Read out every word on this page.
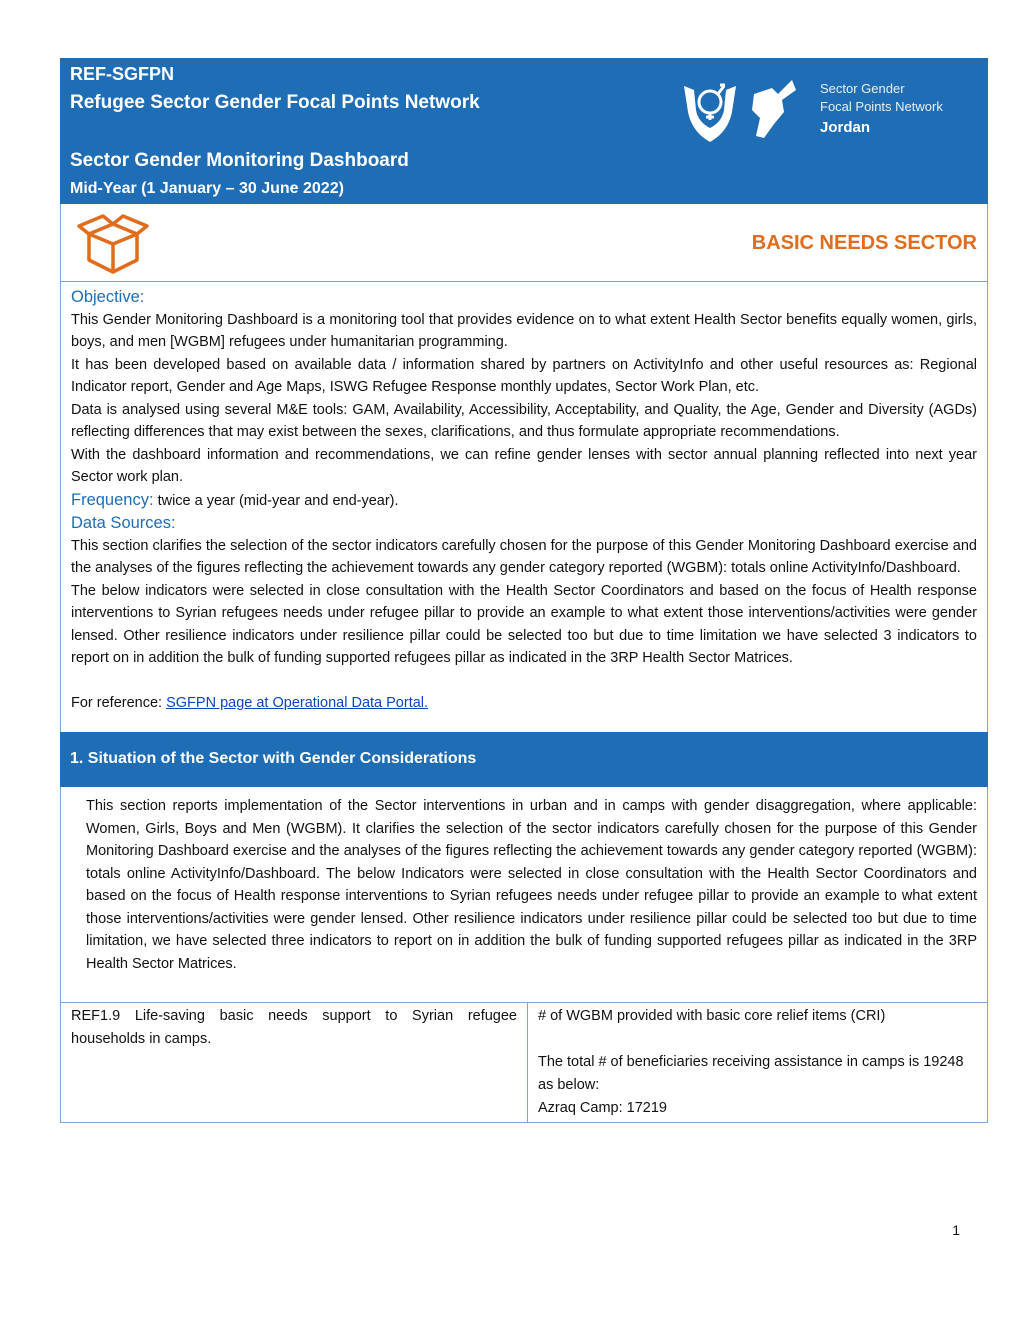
REF-SGFPN
Refugee Sector Gender Focal Points Network
Sector Gender Monitoring Dashboard
Mid-Year (1 January – 30 June 2022)
Sector Gender
Focal Points Network
Jordan
BASIC NEEDS SECTOR
Objective:

This Gender Monitoring Dashboard is a monitoring tool that provides evidence on to what extent Health Sector benefits equally women, girls, boys, and men [WGBM] refugees under humanitarian programming.

It has been developed based on available data / information shared by partners on ActivityInfo and other useful resources as: Regional Indicator report, Gender and Age Maps, ISWG Refugee Response monthly updates, Sector Work Plan, etc.

Data is analysed using several M&E tools: GAM, Availability, Accessibility, Acceptability, and Quality, the Age, Gender and Diversity (AGDs) reflecting differences that may exist between the sexes, clarifications, and thus formulate appropriate recommendations.

With the dashboard information and recommendations, we can refine gender lenses with sector annual planning reflected into next year Sector work plan.

Frequency: twice a year (mid-year and end-year).

Data Sources:

This section clarifies the selection of the sector indicators carefully chosen for the purpose of this Gender Monitoring Dashboard exercise and the analyses of the figures reflecting the achievement towards any gender category reported (WGBM): totals online ActivityInfo/Dashboard.

The below indicators were selected in close consultation with the Health Sector Coordinators and based on the focus of Health response interventions to Syrian refugees needs under refugee pillar to provide an example to what extent those interventions/activities were gender lensed. Other resilience indicators under resilience pillar could be selected too but due to time limitation we have selected 3 indicators to report on in addition the bulk of funding supported refugees pillar as indicated in the 3RP Health Sector Matrices.

For reference: SGFPN page at Operational Data Portal.

1. Situation of the Sector with Gender Considerations
This section reports implementation of the Sector interventions in urban and in camps with gender disaggregation, where applicable: Women, Girls, Boys and Men (WGBM). It clarifies the selection of the sector indicators carefully chosen for the purpose of this Gender Monitoring Dashboard exercise and the analyses of the figures reflecting the achievement towards any gender category reported (WGBM): totals online ActivityInfo/Dashboard. The below Indicators were selected in close consultation with the Health Sector Coordinators and based on the focus of Health response interventions to Syrian refugees needs under refugee pillar to provide an example to what extent those interventions/activities were gender lensed. Other resilience indicators under resilience pillar could be selected too but due to time limitation, we have selected three indicators to report on in addition the bulk of funding supported refugees pillar as indicated in the 3RP Health Sector Matrices.
REF1.9 Life-saving basic needs support to Syrian refugee households in camps.
# of WGBM provided with basic core relief items (CRI)
The total # of beneficiaries receiving assistance in camps is 19248 as below:
Azraq Camp: 17219
1
